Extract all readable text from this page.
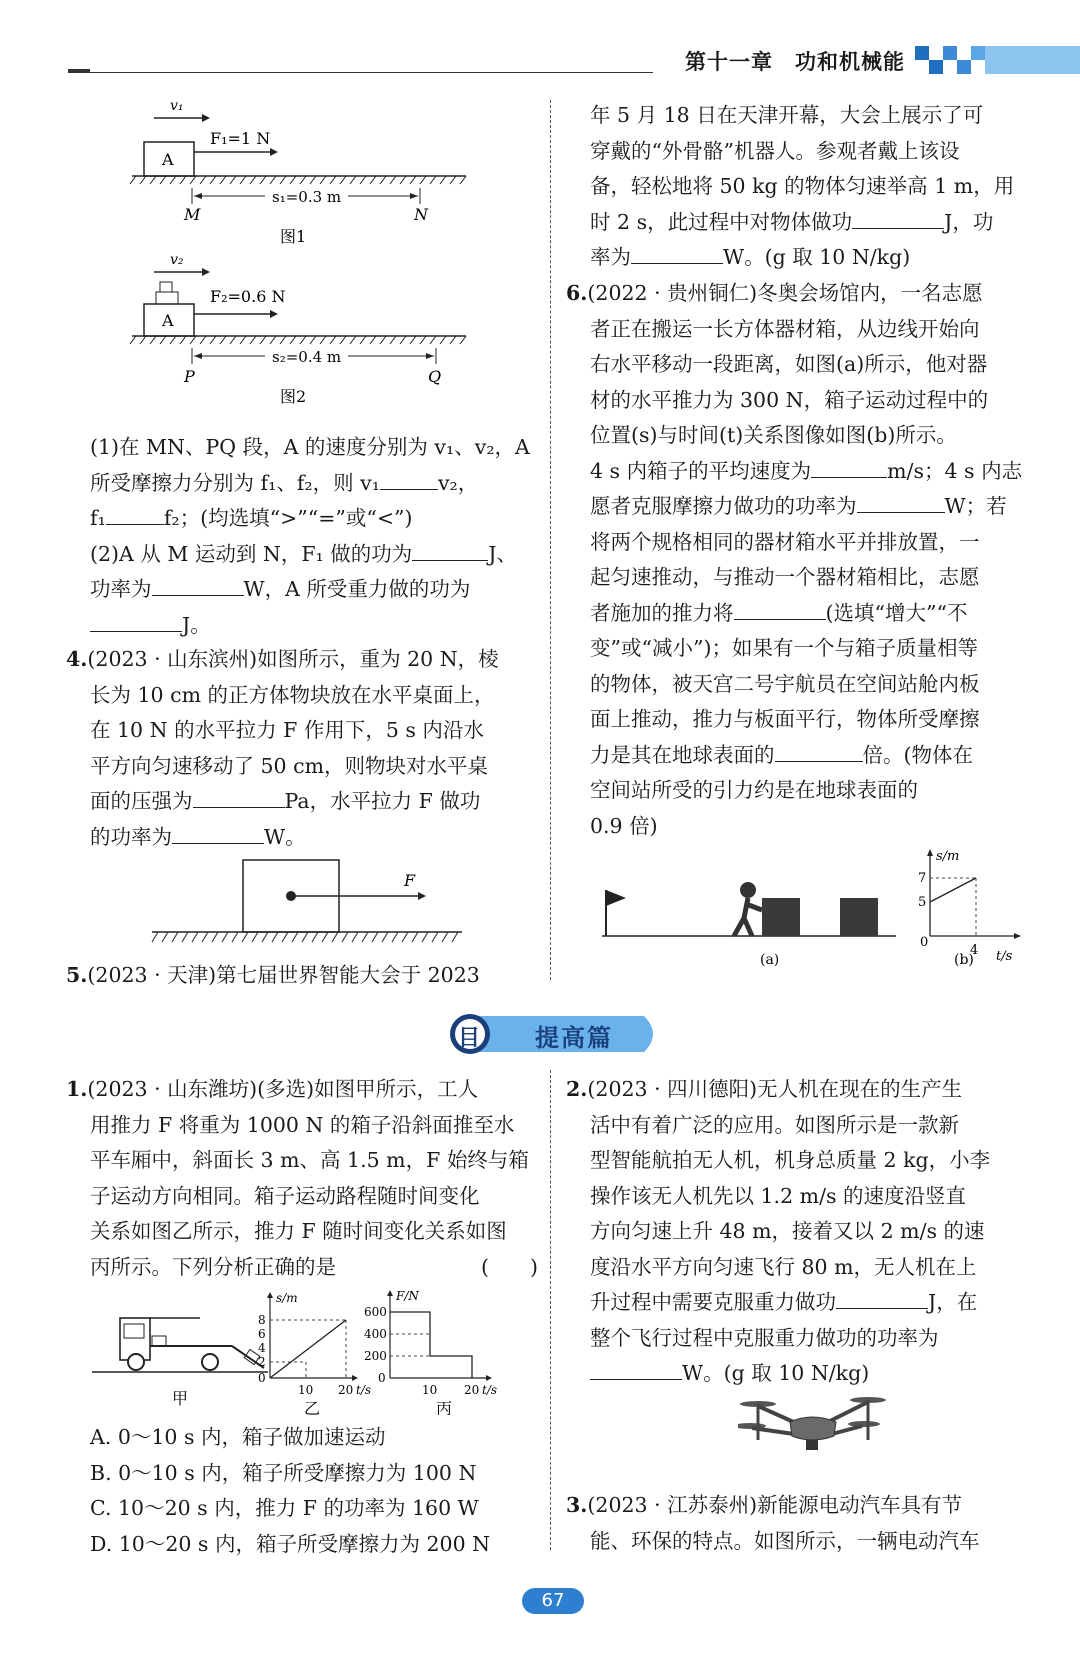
第十一章　功和机械能
v₁
A
F₁=1 N
s₁=0.3 m
M	N
图1
v₂
A
F₂=0.6 N
s₂=0.4 m
P	Q
图2

(1)在 MN、PQ 段，A 的速度分别为 v₁、v₂，A

所受摩擦力分别为 f₁、f₂，则 v₁	v₂，

f₁	f₂；(均选填“>”“=”或“<”)

(2)A 从 M 运动到 N，F₁ 做的功为	J、

功率为	W，A 所受重力做的功为

J。

4.(2023 · 山东滨州)如图所示，重为 20 N，棱

长为 10 cm 的正方体物块放在水平桌面上，

在 10 N 的水平拉力 F 作用下，5 s 内沿水

平方向匀速移动了 50 cm，则物块对水平桌

面的压强为	Pa，水平拉力 F 做功

的功率为	W。

F

5.(2023 · 天津)第七届世界智能大会于 2023

年 5 月 18 日在天津开幕，大会上展示了可

穿戴的“外骨骼”机器人。参观者戴上该设

备，轻松地将 50 kg 的物体匀速举高 1 m，用

时 2 s，此过程中对物体做功	J，功

率为	W。(g 取 10 N/kg)

6.(2022 · 贵州铜仁)冬奥会场馆内，一名志愿

者正在搬运一长方体器材箱，从边线开始向

右水平移动一段距离，如图(a)所示，他对器

材的水平推力为 300 N，箱子运动过程中的

位置(s)与时间(t)关系图像如图(b)所示。

4 s 内箱子的平均速度为	m/s；4 s 内志

愿者克服摩擦力做功的功率为	W；若

将两个规格相同的器材箱水平并排放置，一

起匀速推动，与推动一个器材箱相比，志愿

者施加的推力将	(选填“增大”“不

变”或“减小”)；如果有一个与箱子质量相等

的物体，被天宫二号宇航员在空间站舱内板

面上推动，推力与板面平行，物体所受摩擦

力是其在地球表面的	倍。(物体在

空间站所受的引力约是在地球表面的

0.9 倍)

(a)
s/m
t/s
7
5
0
4
(b)
目 提高篇

1.(2023 · 山东潍坊)(多选)如图甲所示，工人

用推力 F 将重为 1000 N 的箱子沿斜面推至水

平车厢中，斜面长 3 m、高 1.5 m，F 始终与箱

子运动方向相同。箱子运动路程随时间变化

关系如图乙所示，推力 F 随时间变化关系如图

丙所示。下列分析正确的是	(　　)

甲
s/m
8
6
4
2
0
10 20 t/s
乙
F/N
600
400
200
0
10 20 t/s
丙

A. 0～10 s 内，箱子做加速运动

B. 0～10 s 内，箱子所受摩擦力为 100 N

C. 10～20 s 内，推力 F 的功率为 160 W

D. 10～20 s 内，箱子所受摩擦力为 200 N

2.(2023 · 四川德阳)无人机在现在的生产生

活中有着广泛的应用。如图所示是一款新

型智能航拍无人机，机身总质量 2 kg，小李

操作该无人机先以 1.2 m/s 的速度沿竖直

方向匀速上升 48 m，接着又以 2 m/s 的速

度沿水平方向匀速飞行 80 m，无人机在上

升过程中需要克服重力做功	J，在

整个飞行过程中克服重力做功的功率为

W。(g 取 10 N/kg)

3.(2023 · 江苏泰州)新能源电动汽车具有节

能、环保的特点。如图所示，一辆电动汽车

67
